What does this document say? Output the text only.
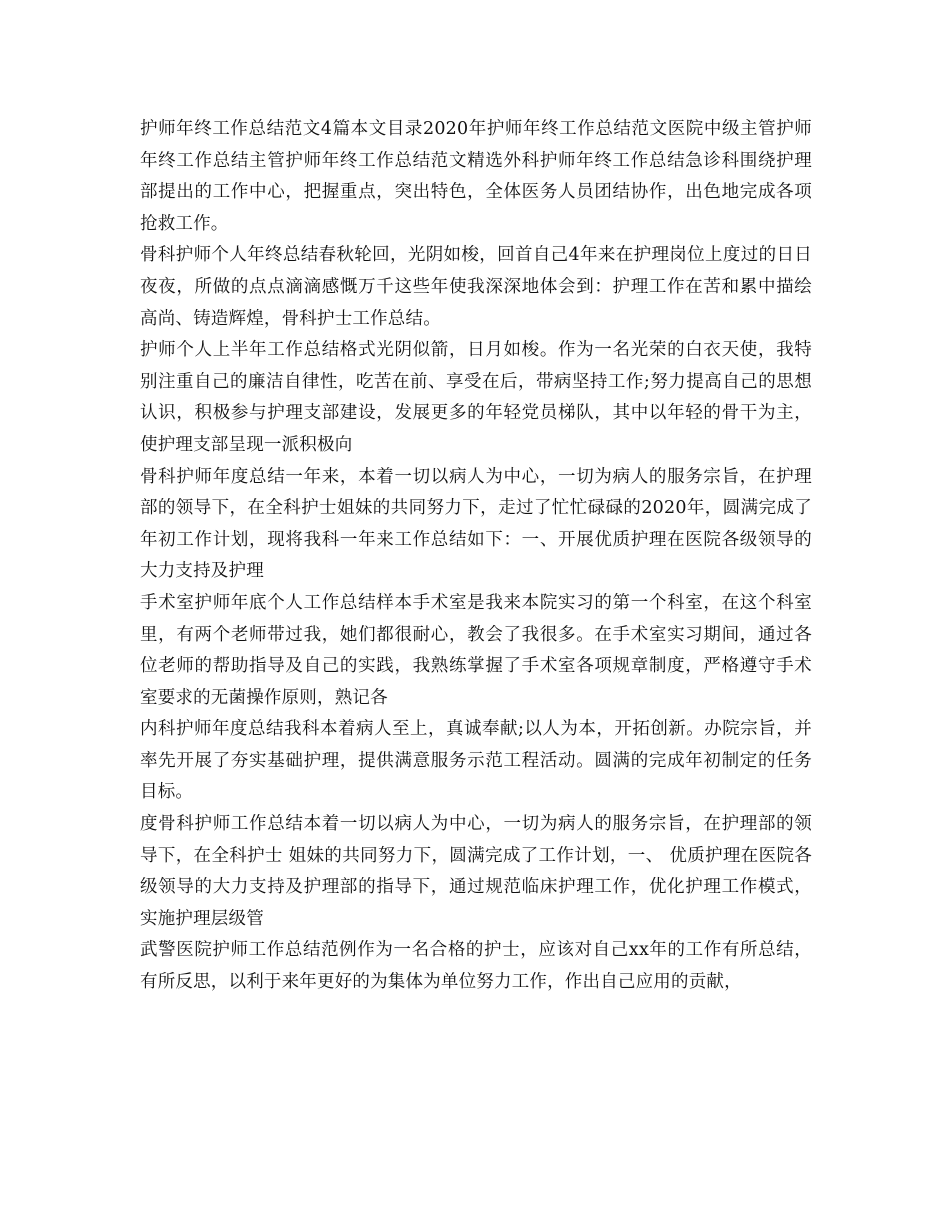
护师年终工作总结范文4篇本文目录2020年护师年终工作总结范文医院中级主管护师年终工作总结主管护师年终工作总结范文精选外科护师年终工作总结急诊科围绕护理部提出的工作中心，把握重点，突出特色，全体医务人员团结协作，出色地完成各项抢救工作。

骨科护师个人年终总结春秋轮回，光阴如梭，回首自己4年来在护理岗位上度过的日日夜夜，所做的点点滴滴感慨万千这些年使我深深地体会到：护理工作在苦和累中描绘高尚、铸造辉煌，骨科护士工作总结。

护师个人上半年工作总结格式光阴似箭，日月如梭。作为一名光荣的白衣天使，我特别注重自己的廉洁自律性，吃苦在前、享受在后，带病坚持工作;努力提高自己的思想认识，积极参与护理支部建设，发展更多的年轻党员梯队，其中以年轻的骨干为主，使护理支部呈现一派积极向

骨科护师年度总结一年来，本着一切以病人为中心，一切为病人的服务宗旨，在护理部的领导下，在全科护士姐妹的共同努力下，走过了忙忙碌碌的2020年，圆满完成了年初工作计划，现将我科一年来工作总结如下：一、开展优质护理在医院各级领导的大力支持及护理

手术室护师年底个人工作总结样本手术室是我来本院实习的第一个科室，在这个科室里，有两个老师带过我，她们都很耐心，教会了我很多。在手术室实习期间，通过各位老师的帮助指导及自己的实践，我熟练掌握了手术室各项规章制度，严格遵守手术室要求的无菌操作原则，熟记各

内科护师年度总结我科本着病人至上，真诚奉献;以人为本，开拓创新。办院宗旨，并率先开展了夯实基础护理，提供满意服务示范工程活动。圆满的完成年初制定的任务目标。

度骨科护师工作总结本着一切以病人为中心，一切为病人的服务宗旨，在护理部的领导下，在全科护士 姐妹的共同努力下，圆满完成了工作计划，一、 优质护理在医院各级领导的大力支持及护理部的指导下，通过规范临床护理工作，优化护理工作模式，实施护理层级管

武警医院护师工作总结范例作为一名合格的护士，应该对自己xx年的工作有所总结，有所反思，以利于来年更好的为集体为单位努力工作，作出自己应用的贡献，
